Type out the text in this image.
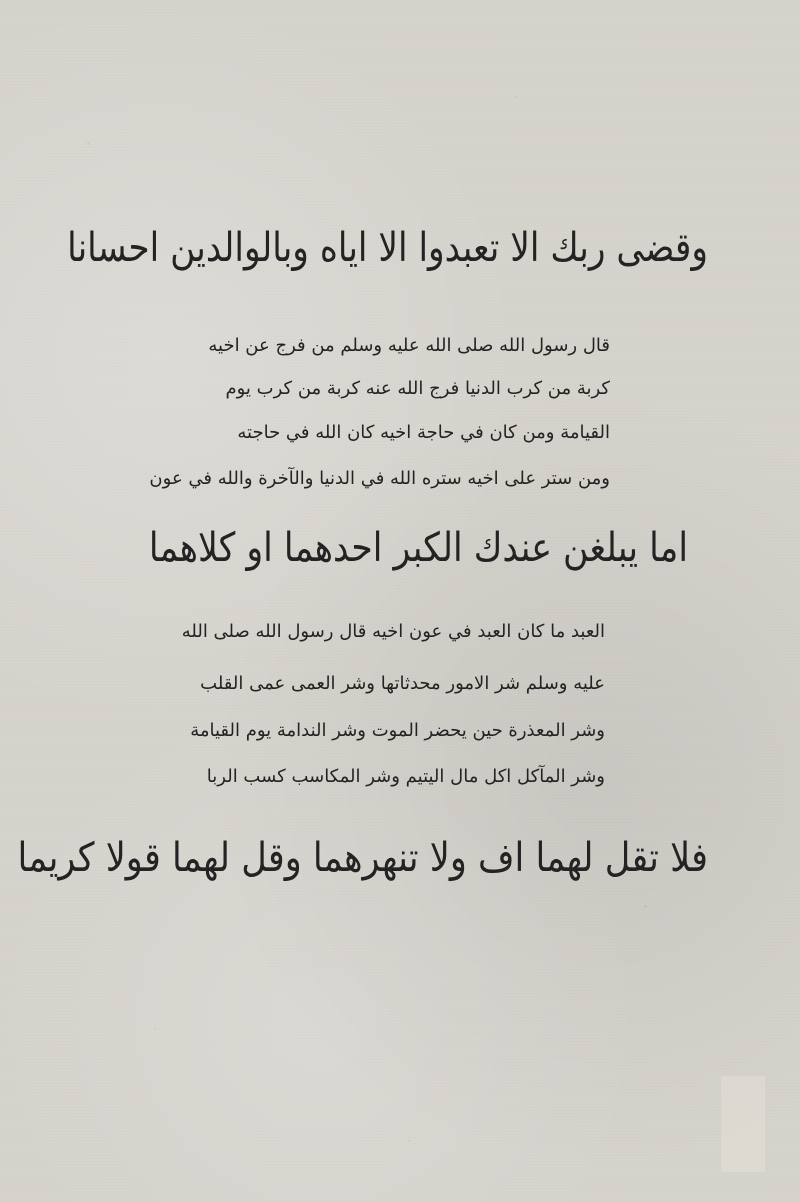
وقضى ربك الا تعبدوا الا اياه وبالوالدين احسانا
قال رسول الله صلى الله عليه وسلم من فرج عن اخيه
كربة من كرب الدنيا فرج الله عنه كربة من كرب يوم
القيامة ومن كان في حاجة اخيه كان الله في حاجته
ومن ستر على اخيه ستره الله في الدنيا والآخرة والله في عون
اما يبلغن عندك الكبر احدهما او كلاهما
العبد ما كان العبد في عون اخيه قال رسول الله صلى الله
عليه وسلم شر الامور محدثاتها وشر العمى عمى القلب
وشر المعذرة حين يحضر الموت وشر الندامة يوم القيامة
وشر المآكل اكل مال اليتيم وشر المكاسب كسب الربا
فلا تقل لهما اف ولا تنهرهما وقل لهما قولا كريما
